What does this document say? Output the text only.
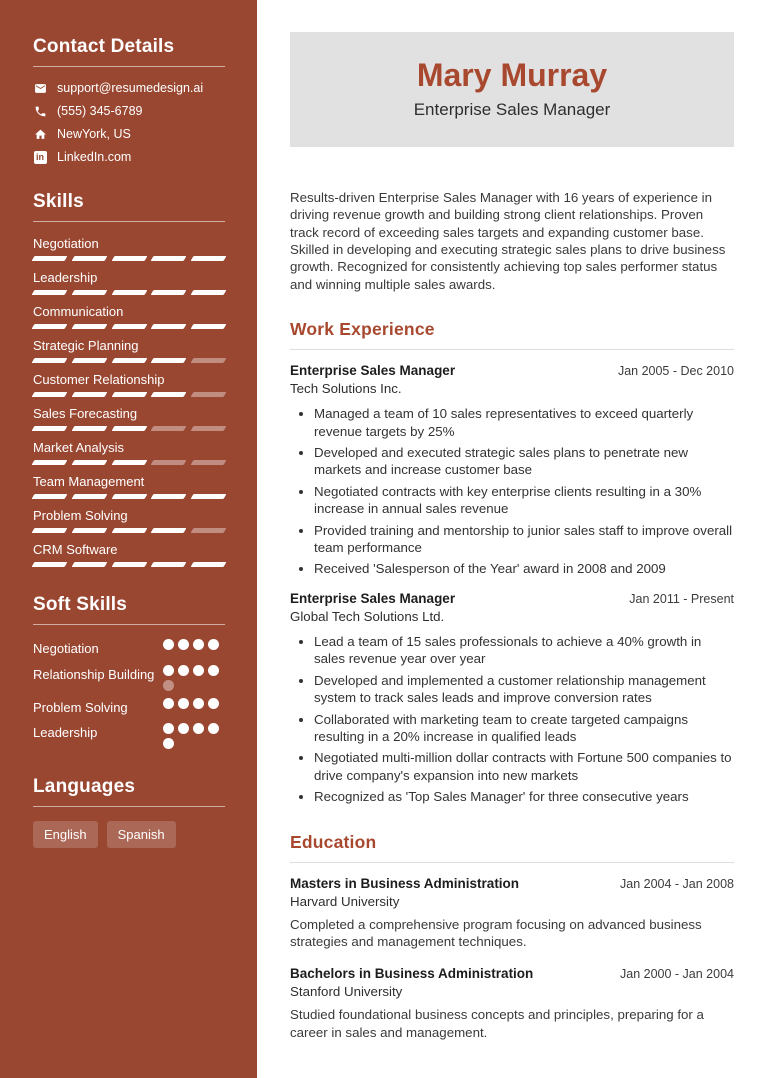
Contact Details
support@resumedesign.ai
(555) 345-6789
NewYork, US
in
LinkedIn.com
Skills
Negotiation
Leadership
Communication
Strategic Planning
Customer Relationship
Sales Forecasting
Market Analysis
Team Management
Problem Solving
CRM Software
Soft Skills
Negotiation
Relationship Building
Problem Solving
Leadership
Languages
English	Spanish
Mary Murray
Enterprise Sales Manager

Results-driven Enterprise Sales Manager with 16 years of experience in driving revenue growth and building strong client relationships. Proven track record of exceeding sales targets and expanding customer base. Skilled in developing and executing strategic sales plans to drive business growth. Recognized for consistently achieving top sales performer status and winning multiple sales awards.

Work Experience
Enterprise Sales Manager	Jan 2005 - Dec 2010
Tech Solutions Inc.
• Managed a team of 10 sales representatives to exceed quarterly revenue targets by 25%
• Developed and executed strategic sales plans to penetrate new markets and increase customer base
• Negotiated contracts with key enterprise clients resulting in a 30% increase in annual sales revenue
• Provided training and mentorship to junior sales staff to improve overall team performance
• Received 'Salesperson of the Year' award in 2008 and 2009
Enterprise Sales Manager	Jan 2011 - Present
Global Tech Solutions Ltd.
• Lead a team of 15 sales professionals to achieve a 40% growth in sales revenue year over year
• Developed and implemented a customer relationship management system to track sales leads and improve conversion rates
• Collaborated with marketing team to create targeted campaigns resulting in a 20% increase in qualified leads
• Negotiated multi-million dollar contracts with Fortune 500 companies to drive company's expansion into new markets
• Recognized as 'Top Sales Manager' for three consecutive years
Education
Masters in Business Administration	Jan 2004 - Jan 2008
Harvard University

Completed a comprehensive program focusing on advanced business strategies and management techniques.

Bachelors in Business Administration	Jan 2000 - Jan 2004
Stanford University

Studied foundational business concepts and principles, preparing for a career in sales and management.
